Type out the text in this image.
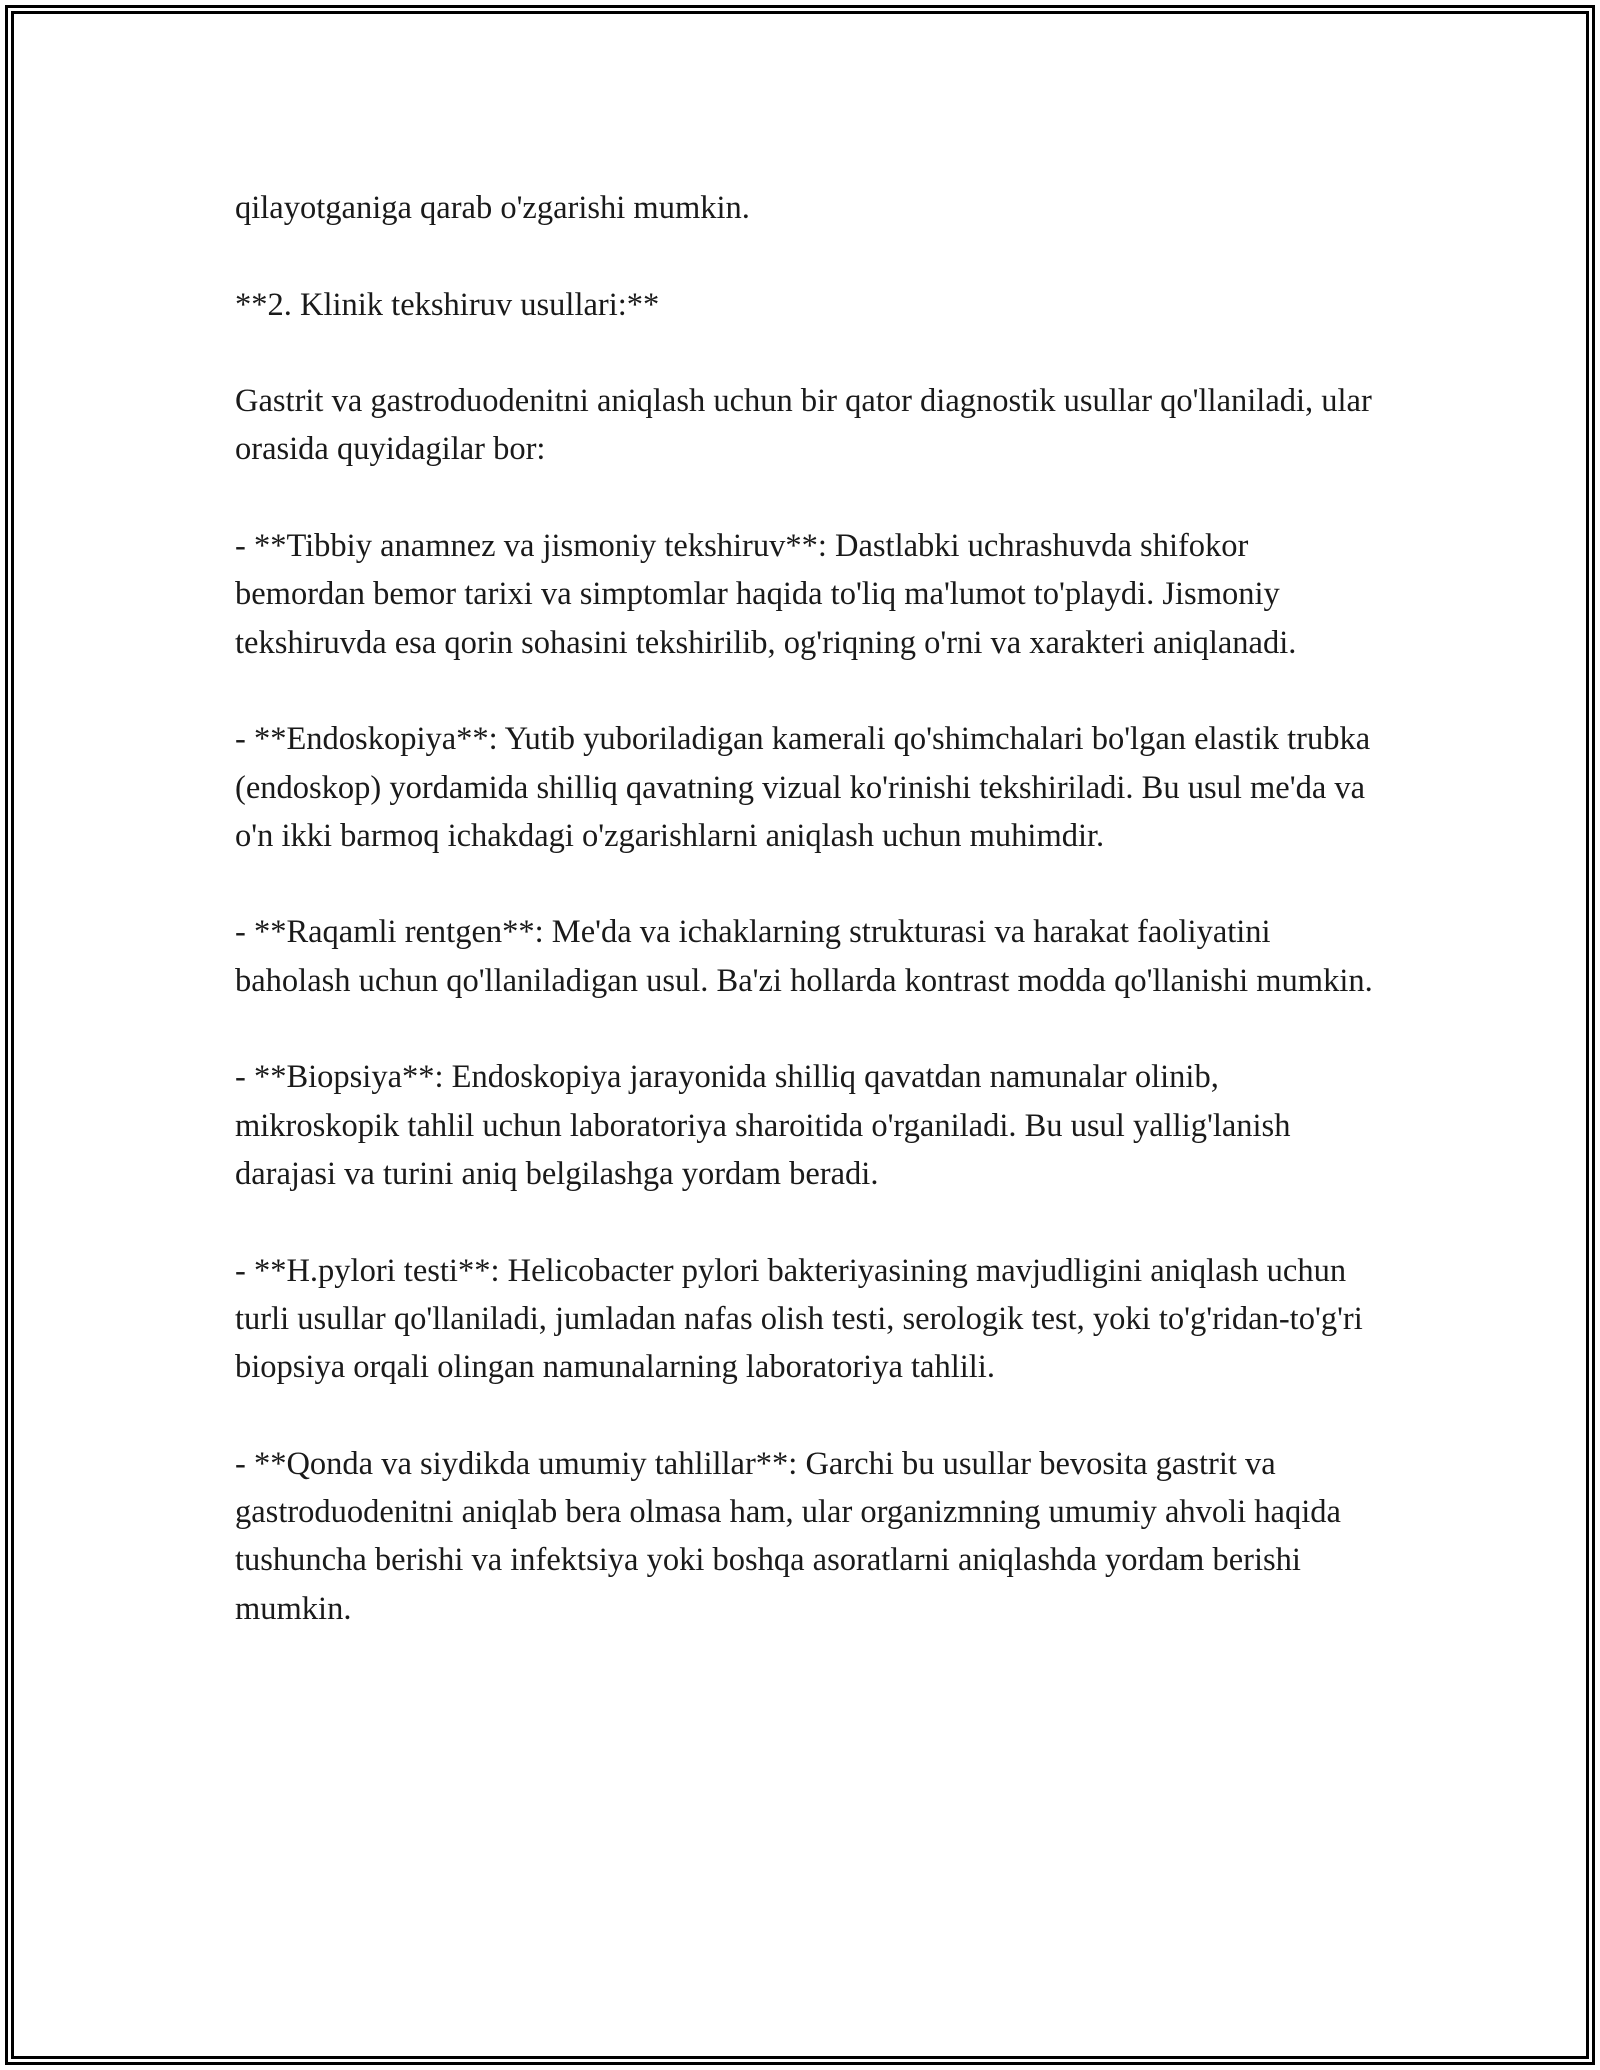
qilayotganiga qarab o'zgarishi mumkin.

**2. Klinik tekshiruv usullari:**

Gastrit va gastroduodenitni aniqlash uchun bir qator diagnostik usullar qo'llaniladi, ular orasida quyidagilar bor:

- **Tibbiy anamnez va jismoniy tekshiruv**: Dastlabki uchrashuvda shifokor bemordan bemor tarixi va simptomlar haqida to'liq ma'lumot to'playdi. Jismoniy tekshiruvda esa qorin sohasini tekshirilib, og'riqning o'rni va xarakteri aniqlanadi.

- **Endoskopiya**: Yutib yuboriladigan kamerali qo'shimchalari bo'lgan elastik trubka (endoskop) yordamida shilliq qavatning vizual ko'rinishi tekshiriladi. Bu usul me'da va o'n ikki barmoq ichakdagi o'zgarishlarni aniqlash uchun muhimdir.

- **Raqamli rentgen**: Me'da va ichaklarning strukturasi va harakat faoliyatini baholash uchun qo'llaniladigan usul. Ba'zi hollarda kontrast modda qo'llanishi mumkin.

- **Biopsiya**: Endoskopiya jarayonida shilliq qavatdan namunalar olinib, mikroskopik tahlil uchun laboratoriya sharoitida o'rganiladi. Bu usul yallig'lanish darajasi va turini aniq belgilashga yordam beradi.

- **H.pylori testi**: Helicobacter pylori bakteriyasining mavjudligini aniqlash uchun turli usullar qo'llaniladi, jumladan nafas olish testi, serologik test, yoki to'g'ridan-to'g'ri biopsiya orqali olingan namunalarning laboratoriya tahlili.

- **Qonda va siydikda umumiy tahlillar**: Garchi bu usullar bevosita gastrit va gastroduodenitni aniqlab bera olmasa ham, ular organizmning umumiy ahvoli haqida tushuncha berishi va infektsiya yoki boshqa asoratlarni aniqlashda yordam berishi mumkin.
